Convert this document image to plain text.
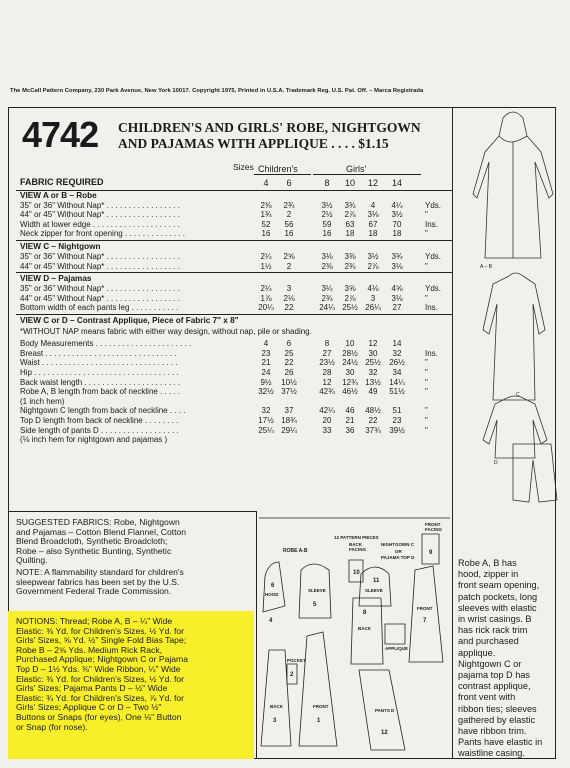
The McCall Pattern Company, 230 Park Avenue, New York 10017. Copyright 1975, Printed in U.S.A. Trademark Reg. U.S. Pat. Off. – Marca Registrada
4742 CHILDREN'S AND GIRLS' ROBE, NIGHTGOWN
AND PAJAMAS WITH APPLIQUE . . . . $1.15
Sizes Children's	Girls'
FABRIC REQUIRED	4	6	8	10	12	14
VIEW A or B – Robe
35" or 36" Without Nap* . . . . . . . . . . . . . . . . .	2⅜	2¾	3½	3¾	4	4¼	Yds.
44" or 45" Without Nap* . . . . . . . . . . . . . . . . .	1¾	2	2½	2⅞	3⅛	3½	"
Width at lower edge . . . . . . . . . . . . . . . . . . . .	52	56	59	63	67	70	Ins.
Neck zipper for front opening . . . . . . . . . . . . . .	16	16	16	18	18	18	"
VIEW C – Nightgown
35" or 36" Without Nap* . . . . . . . . . . . . . . . . .	2¼	2⅝	3⅛	3⅜	3½	3¾	Yds.
44" or 45" Without Nap* . . . . . . . . . . . . . . . . .	1½	2	2⅜	2¾	2⅞	3⅛	"
VIEW D – Pajamas
35" or 36" Without Nap* . . . . . . . . . . . . . . . . .	2¼	3	3¼	3⅝	4⅛	4⅝	Yds.
44" or 45" Without Nap* . . . . . . . . . . . . . . . . .	1⅞	2⅛	2¾	2⅞	3	3⅛	"
Bottom width of each pants leg . . . . . . . . . . .	20¼	22	24¼ 25½ 26¼	27	Ins.
VIEW C or D – Contrast Applique, Piece of Fabric 7" x 8"
*WITHOUT NAP means fabric with either way design, without nap, pile or shading.
Body Measurements . . . . . . . . . . . . . . . . . . . . . .	4	6	8	10	12	14
Breast . . . . . . . . . . . . . . . . . . . . . . . . . . . . . .	23	25	27	28½	30	32	Ins.
Waist . . . . . . . . . . . . . . . . . . . . . . . . . . . . . . .	21	22	23½ 24½ 25½	26½	"
Hip . . . . . . . . . . . . . . . . . . . . . . . . . . . . . . . . .	24	26	28	30	32	34	"
Back waist length . . . . . . . . . . . . . . . . . . . . . .	9½	10½	12	12¾ 13½	14¼	"
Robe A, B length from back of neckline . . . . .	32½ 37½	42¾ 46½	49	51½	"
(1 inch hem)
Nightgown C length from back of neckline . . . .	32	37	42¼	46	48½	51	"
Top D length from back of neckline . . . . . . . .	17½ 18¾	20	21	22	23	"
Side length of pants D . . . . . . . . . . . . . . . . . .	25¼ 29¼	33	36	37¾	39½	"
(⅛ inch hem for nightgown and pajamas )
SUGGESTED FABRICS: Robe, Nightgown
and Pajamas – Cotton Blend Flannel, Cotton
Blend Broadcloth, Synthetic Broadcloth;
Robe – also Synthetic Bunting, Synthetic
Quilting.
NOTE: A flammability standard for children's
sleepwear fabrics has been set by the U.S.
Government Federal Trade Commission.
NOTIONS: Thread; Robe A, B – ¼" Wide
Elastic: ⅜ Yd. for Children's Sizes, ½ Yd. for
Girls' Sizes, ⅝ Yd. ½" Single Fold Bias Tape;
Robe B – 2⅝ Yds. Medium Rick Rack,
Purchased Applique; Nightgown C or Pajama
Top D – 1½ Yds. ⅜" Wide Ribbon, ¼" Wide
Elastic: ⅜ Yd. for Children's Sizes, ½ Yd. for
Girls' Sizes; Pajama Pants D – ½" Wide
Elastic: ¾ Yd. for Children's Sizes, ⅞ Yd. for
Girls' Sizes; Applique C or D – Two ½"
Buttons or Snaps (for eyes), One ⅛" Button
or Snap (for nose).
12 PATTERN PIECES
ROBE A-B
NIGHTGOWN C
OR
PAJAMA TOP D
HOOD
SLEEVE
POCKET
BACK	FRONT
BACK FACING
FRONT FACING
SLEEVE
BACK
APPLIQUE
FRONT
PANTS D
6
5
2
3	1
10
9
11
8
7
12
4
A – B
C
D
Robe A, B has
hood, zipper in
front seam opening,
patch pockets, long
sleeves with elastic
in wrist casings. B
has rick rack trim
and purchased
applique.
Nightgown C or
pajama top D has
contrast applique,
front vent with
ribbon ties; sleeves
gathered by elastic
have ribbon trim.
Pants have elastic in
waistline casing.
